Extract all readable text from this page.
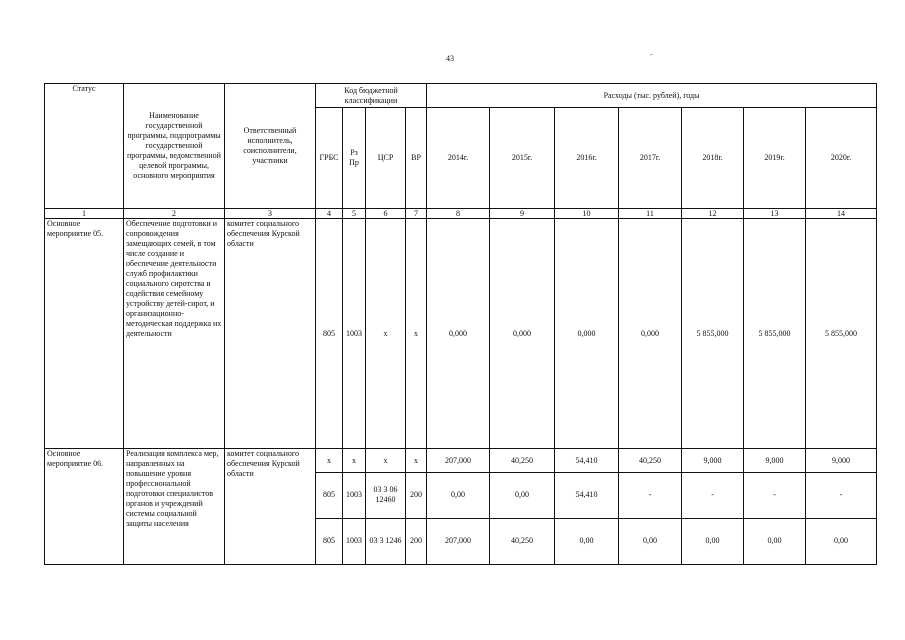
43	-
Статус	Наименование государственной программы, подпрограммы государственной программы, ведомственной целевой программы, основного мероприятия	Ответственный исполнитель, соисполнители, участники	Код бюджетной классификации				Расходы (тыс. рублей), годы						
			ГРБС	Рз Пр	ЦСР	ВР	2014г.	2015г.	2016г.	2017г.	2018г.	2019г.	2020г.
1	2	3	4	5	6	7	8	9	10	11	12	13	14
Основное мероприятие 05.	Обеспечение подготовки и сопровождения замещающих семей, в том числе создание и обеспечение деятельности служб профилактики социального сиротства и содействия семейному устройству детей-сирот, и организационно-методическая поддержка их деятельности	комитет социального обеспечения Курской области	805	1003	х	х	0,000	0,000	0,000	0,000	5 855,000	5 855,000	5 855,000
Основное мероприятие 06.	Реализация комплекса мер, направленных на повышение уровня профессиональной подготовки специалистов органов и учреждений системы социальной защиты населения	комитет социального обеспечения Курской области	х	х	х	х	207,000	40,250	54,410	40,250	9,000	9,000	9,000
			805	1003	03 3 06 12460	200	0,00	0,00	54,410	-	-	-	-
			805	1003	03 3 1246	200	207,000	40,250	0,00	0,00	0,00	0,00	0,00
